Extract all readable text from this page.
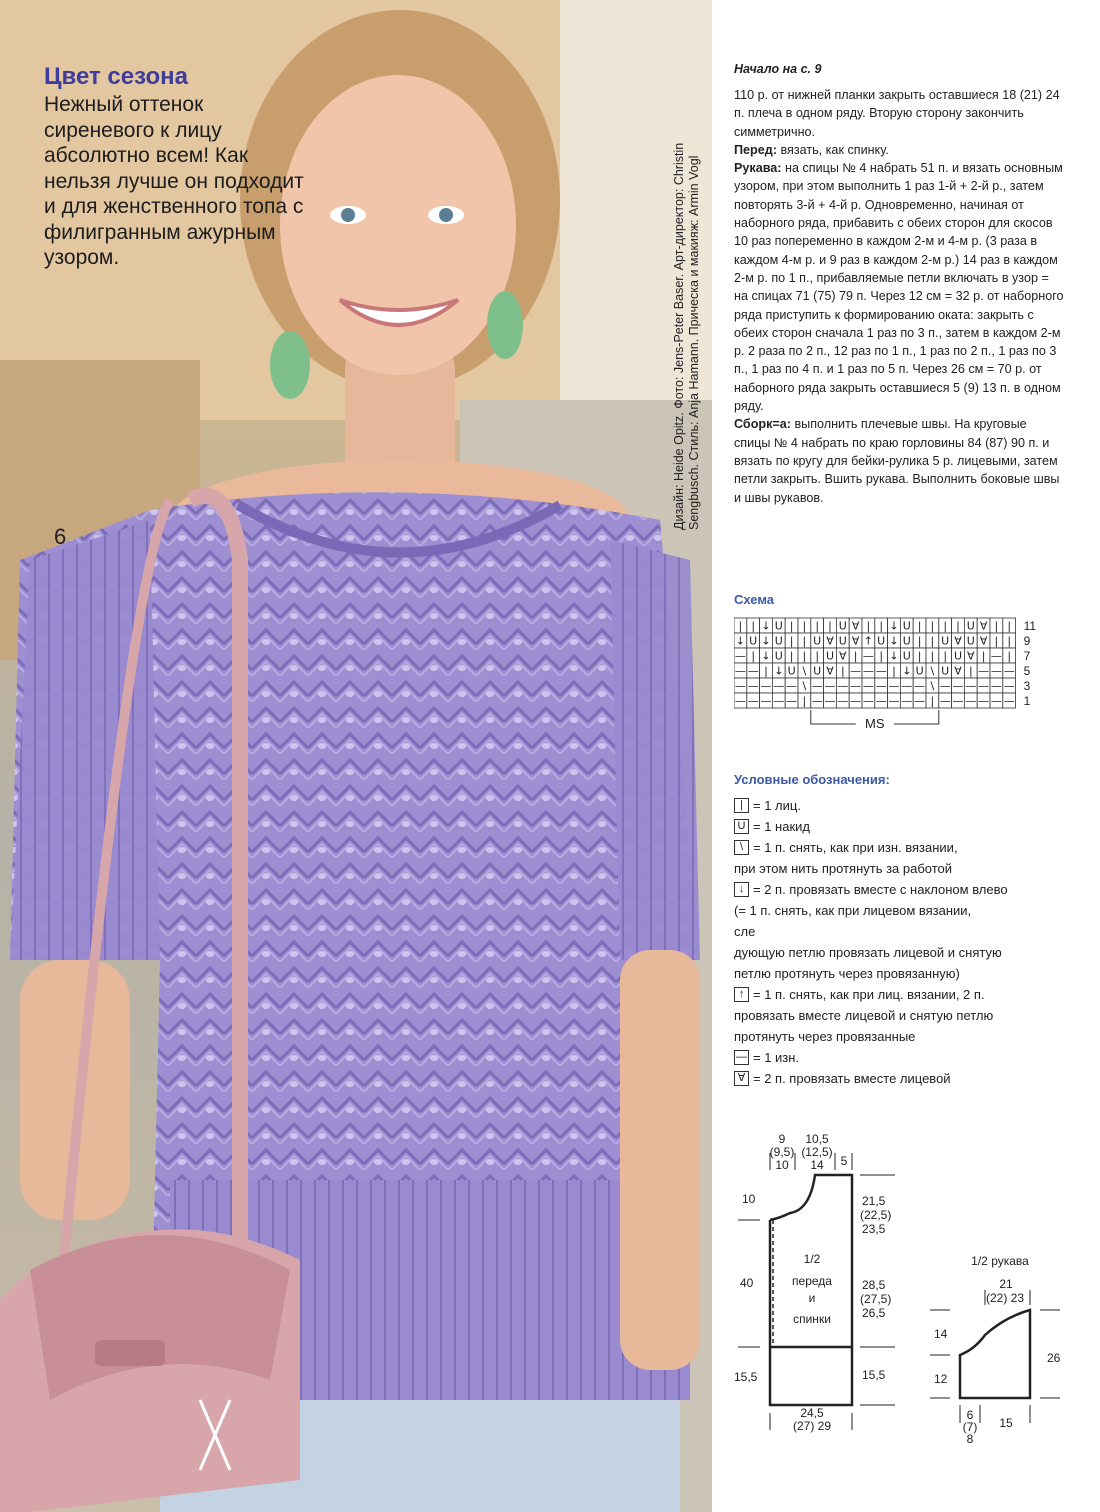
Цвет сезона
Нежный оттенок сиреневого к лицу абсолютно всем! Как нельзя лучше он подходит и для женственного топа с филигранным ажурным узором.
6
Дизайн: Heide Opitz. Фото: Jens-Peter Baser. Арт-директор: Christin Sengbusch. Стиль: Anja Hamann. Прическа и макияж: Armin Vogl
Начало на с. 9

110 р. от нижней планки закрыть оставшиеся 18 (21) 24 п. плеча в одном ряду. Вторую сторону закончить симметрично.

Перед: вязать, как спинку.

Рукава: на спицы № 4 набрать 51 п. и вязать основным узором, при этом выполнить 1 раз 1-й + 2-й р., затем повторять 3-й + 4-й р. Одновременно, начиная от наборного ряда, прибавить с обеих сторон для скосов 10 раз попеременно в каждом 2-м и 4-м р. (3 раза в каждом 4-м р. и 9 раз в каждом 2-м р.) 14 раз в каждом 2-м р. по 1 п., прибавляемые петли включать в узор = на спицах 71 (75) 79 п. Через 12 см = 32 р. от наборного ряда приступить к формированию оката: закрыть с обеих сторон сначала 1 раз по 3 п., затем в каждом 2-м р. 2 раза по 2 п., 12 раз по 1 п., 1 раз по 2 п., 1 раз по 3 п., 1 раз по 4 п. и 1 раз по 5 п. Через 26 см = 70 р. от наборного ряда закрыть оставшиеся 5 (9) 13 п. в одном ряду.

Сборк=а: выполнить плечевые швы. На круговые спицы № 4 набрать по краю горловины 84 (87) 90 п. и вязать по кругу для бейки-рулика 5 р. лицевыми, затем петли закрыть. Вшить рукава. Выполнить боковые швы и швы рукавов.

Схема
| | ↓ U | | | | U ∀ | | ↓ U | | | | U ∀ | | 11
↓ U ↓ U | | U ∀ U ∀ ↑ U ↓ U | | U ∀ U ∀ | | 9
— | ↓ U | | | U ∀ | — | ↓ U | | | U ∀ | — | 7
— — | ↓ U \ U ∀ | — — — | ↓ U \ U ∀ | — — — 5
— — — — — \ — — — — — — — — — \ — — — — — — 3
— — — — — | — — — — — — — — — | — — — — — — 1
MS
Условные обозначения:
| = 1 лиц.
U = 1 накид
\ = 1 п. снять, как при изн. вязании,
при этом нить протянуть за работой
↓ = 2 п. провязать вместе с наклоном влево
(= 1 п. снять, как при лицевом вязании, сле
дующую петлю провязать лицевой и снятую
петлю протянуть через провязанную)
↑ = 1 п. снять, как при лиц. вязании, 2 п.
провязать вместе лицевой и снятую петлю
протянуть через провязанные
— = 1 изн.
∀ = 2 п. провязать вместе лицевой
9
(9,5)
10
10,5
(12,5)
14 5
10
40
15,5
21,5
(22,5)
23,5
28,5
(27,5)
26,5
15,5
1/2
переда
и
спинки
24,5
(27) 29
1/2 рукава
21
(22) 23
14
12
26
6
(7)
8
15
